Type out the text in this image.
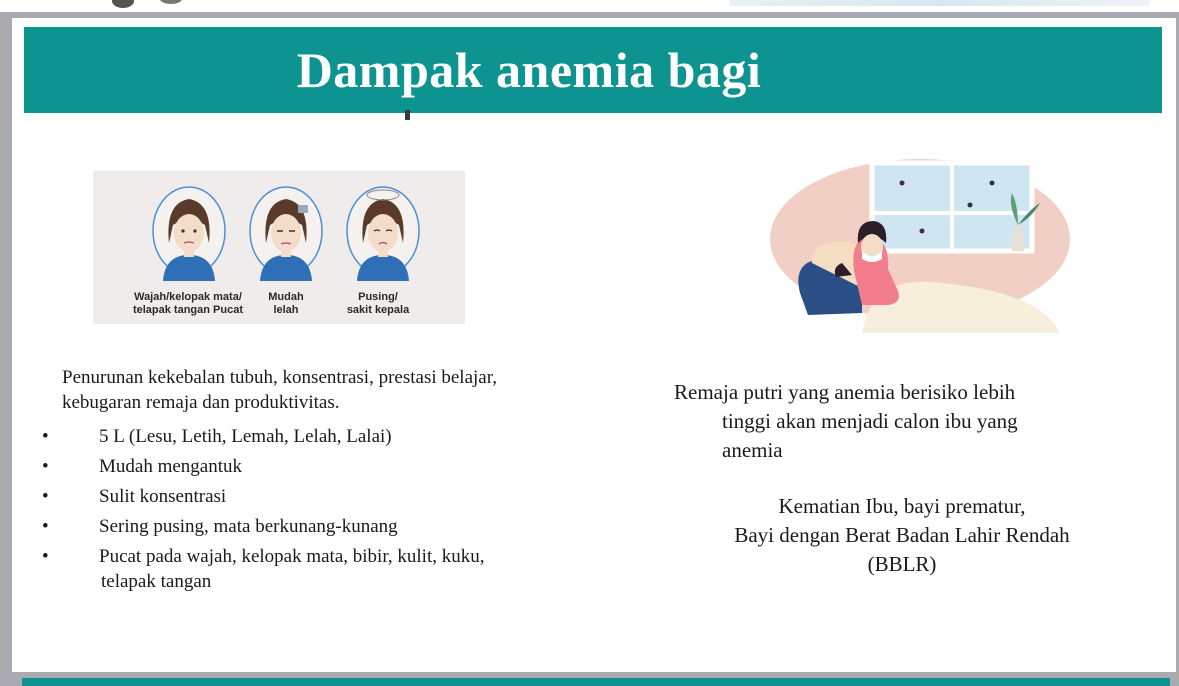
Dampak anemia bagi
Wajah/kelopak mata/
telapak tangan Pucat
Mudah
lelah
Pusing/
sakit kepala
Penurunan kekebalan tubuh, konsentrasi, prestasi belajar,
kebugaran remaja dan produktivitas.
•	5 L (Lesu, Letih, Lemah, Lelah, Lalai)
•	Mudah mengantuk
•	Sulit konsentrasi
•	Sering pusing, mata berkunang-kunang
•	Pucat pada wajah, kelopak mata, bibir, kulit, kuku,
telapak tangan
Remaja putri yang anemia berisiko lebih
tinggi akan menjadi calon ibu yang
anemia
Kematian Ibu, bayi prematur,
Bayi dengan Berat Badan Lahir Rendah
(BBLR)
